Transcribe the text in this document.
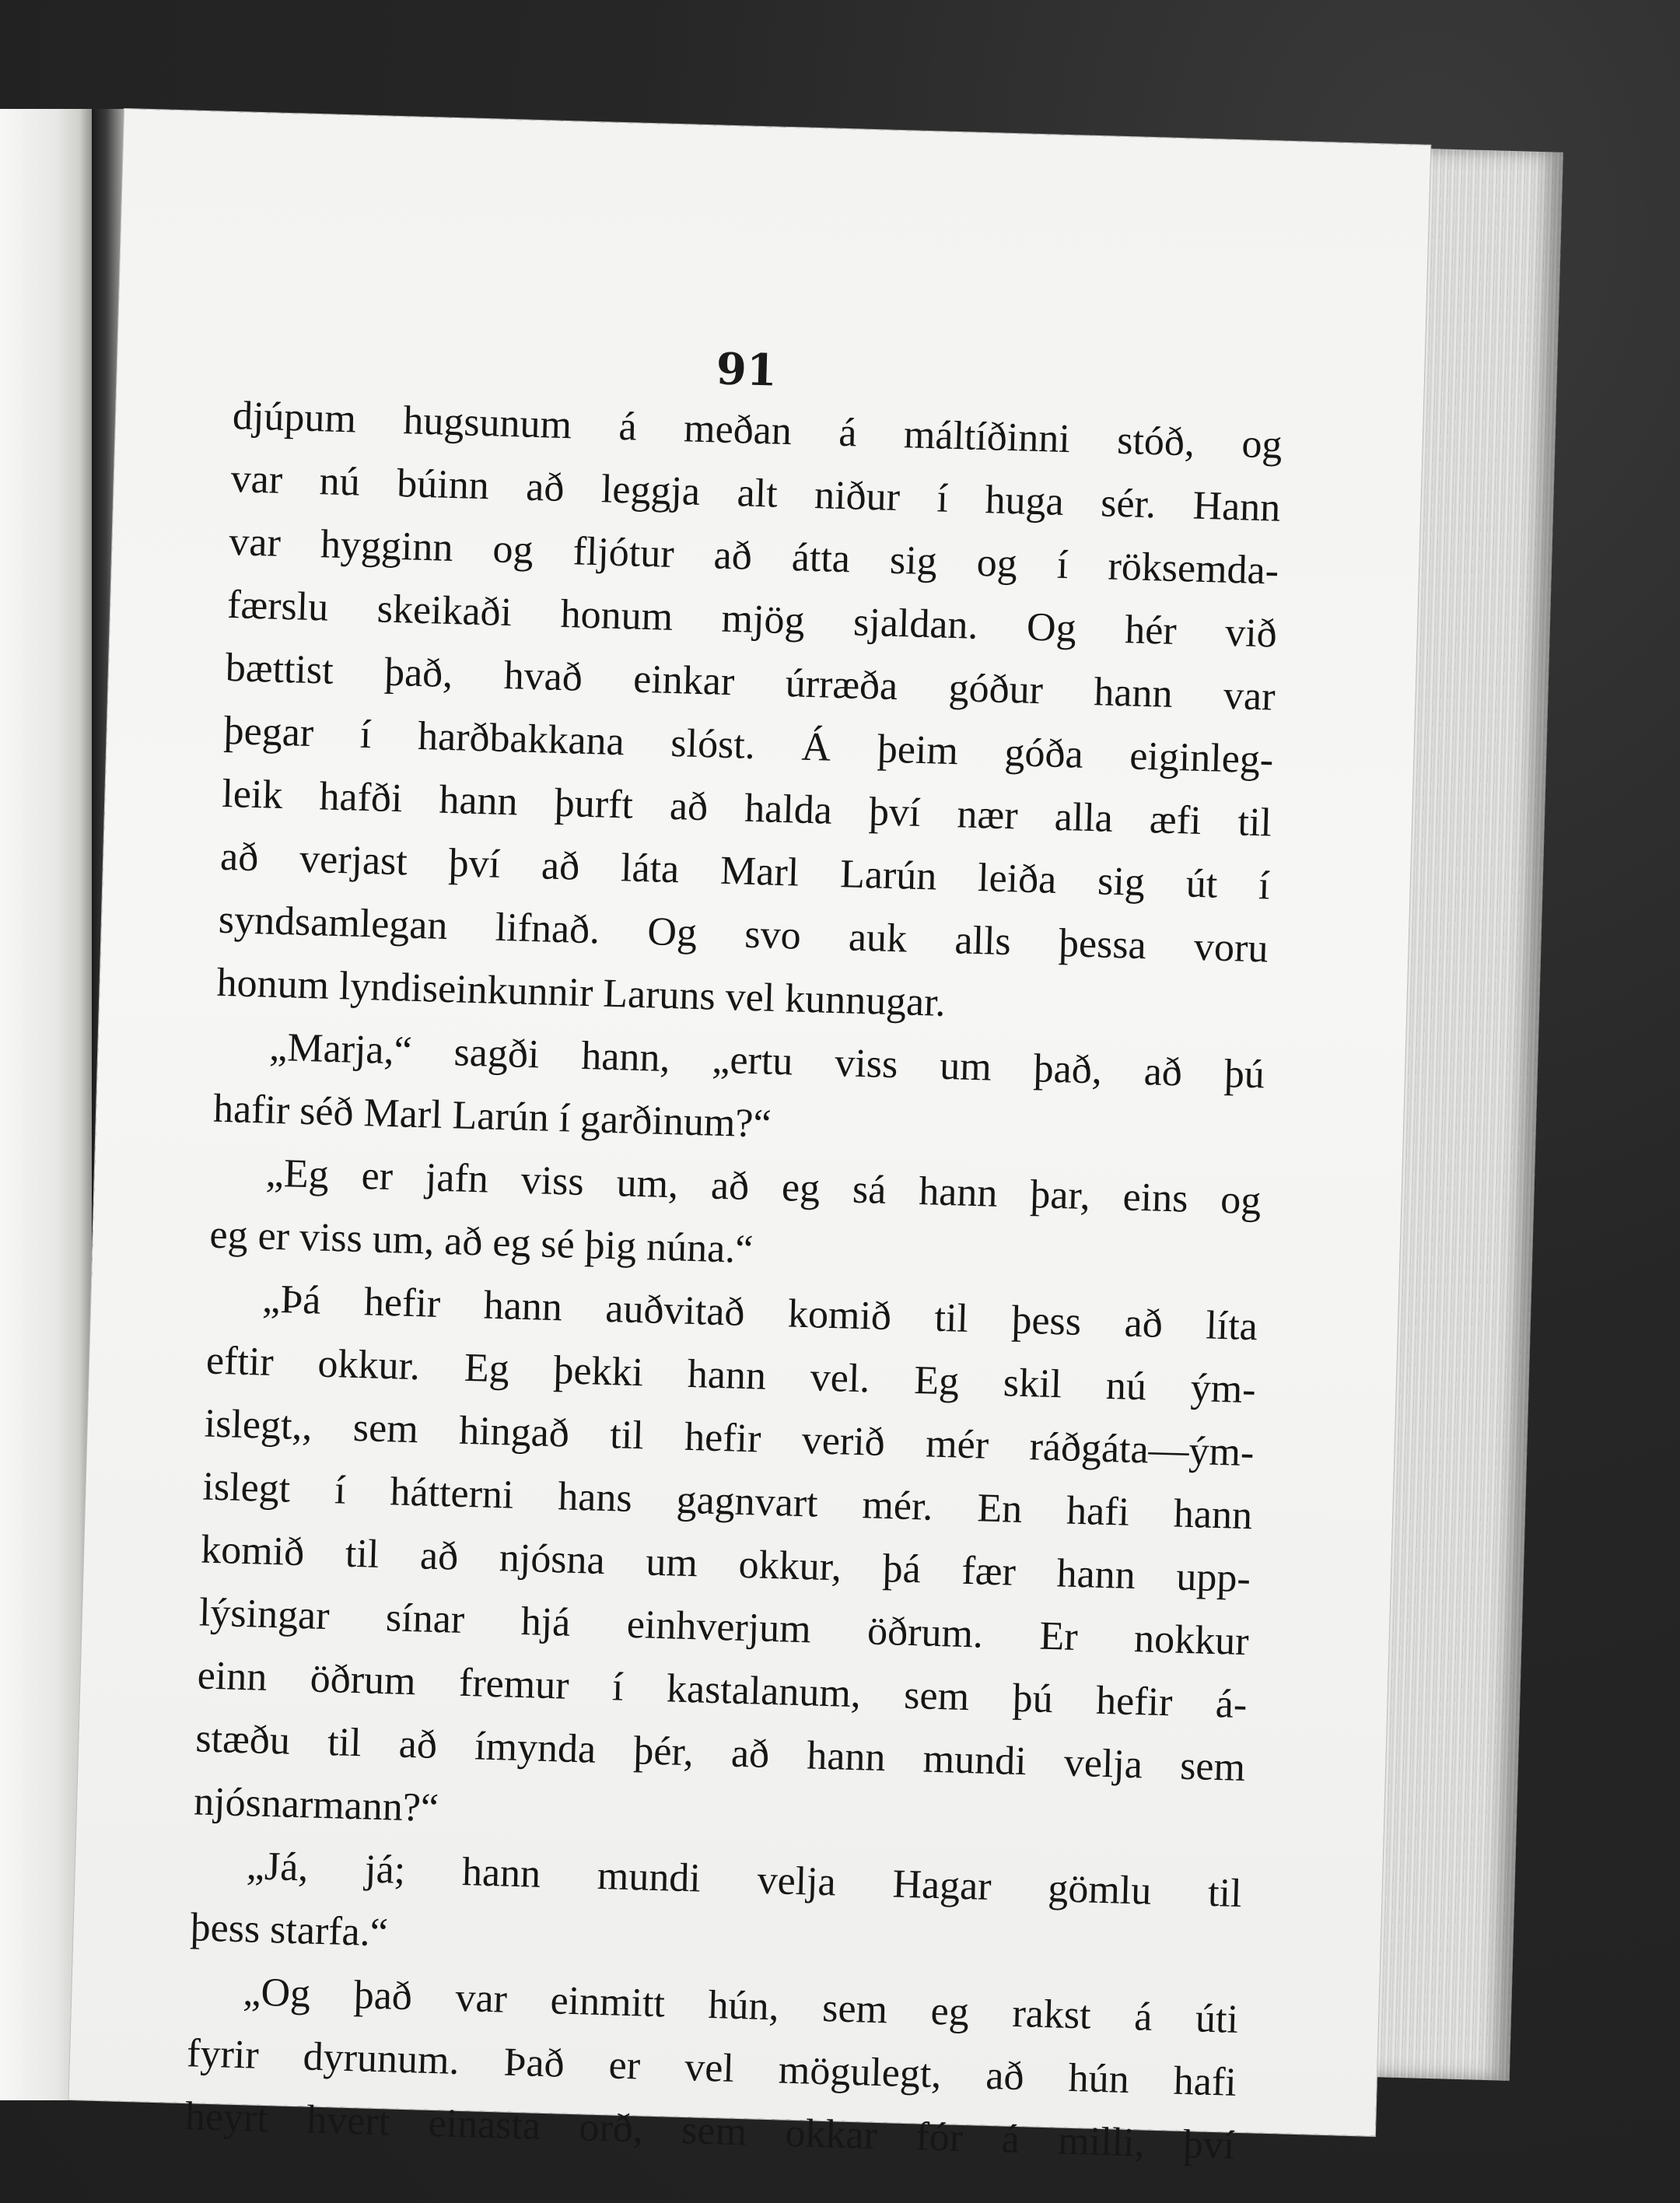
91

djúpum hugsunum á meðan á máltíðinni stóð, og

var nú búinn að leggja alt niður í huga sér. Hann

var hygginn og fljótur að átta sig og í röksemda-

færslu skeikaði honum mjög sjaldan. Og hér við

bættist það, hvað einkar úrræða góður hann var

þegar í harðbakkana slóst. Á þeim góða eiginleg-

leik hafði hann þurft að halda því nær alla æfi til

að verjast því að láta Marl Larún leiða sig út í

syndsamlegan lifnað. Og svo auk alls þessa voru

honum lyndiseinkunnir Laruns vel kunnugar.

„Marja,“ sagði hann, „ertu viss um það, að þú

hafir séð Marl Larún í garðinum?“

„Eg er jafn viss um, að eg sá hann þar, eins og

eg er viss um, að eg sé þig núna.“

„Þá hefir hann auðvitað komið til þess að líta

eftir okkur. Eg þekki hann vel. Eg skil nú ým-

islegt,, sem hingað til hefir verið mér ráðgáta—ým-

islegt í hátterni hans gagnvart mér. En hafi hann

komið til að njósna um okkur, þá fær hann upp-

lýsingar sínar hjá einhverjum öðrum. Er nokkur

einn öðrum fremur í kastalanum, sem þú hefir á-

stæðu til að ímynda þér, að hann mundi velja sem

njósnarmann?“

„Já, já; hann mundi velja Hagar gömlu til

þess starfa.“

„Og það var einmitt hún, sem eg rakst á úti

fyrir dyrunum. Það er vel mögulegt, að hún hafi

heyrt hvert einasta orð, sem okkar fór á milli, því
